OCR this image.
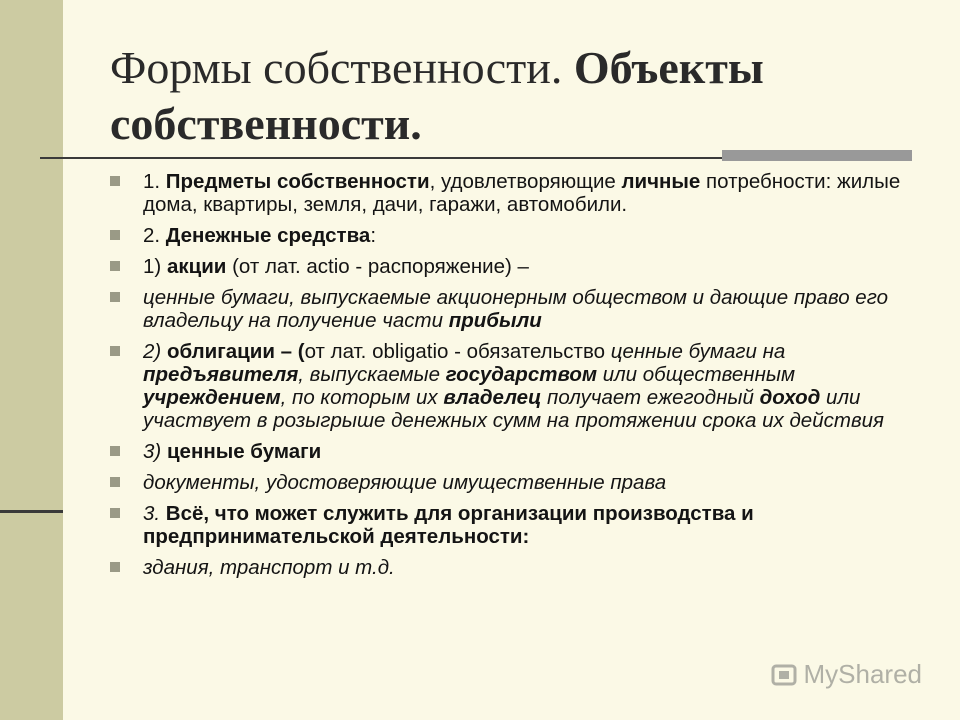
Формы собственности. Объекты собственности.
1. Предметы собственности, удовлетворяющие личные потребности: жилые дома, квартиры, земля, дачи, гаражи, автомобили.
2. Денежные средства:
1) акции (от лат. actio - распоряжение) –
ценные бумаги, выпускаемые акционерным обществом и дающие право его владельцу на получение части прибыли
2) облигации – (от лат. obligatio - обязательство ценные бумаги на предъявителя, выпускаемые государством или общественным учреждением, по которым их владелец получает ежегодный доход или участвует в розыгрыше денежных сумм на протяжении срока их действия
3) ценные бумаги
документы, удостоверяющие имущественные права
3. Всё, что может служить для организации производства и предпринимательской деятельности:
здания, транспорт и т.д.
MyShared
